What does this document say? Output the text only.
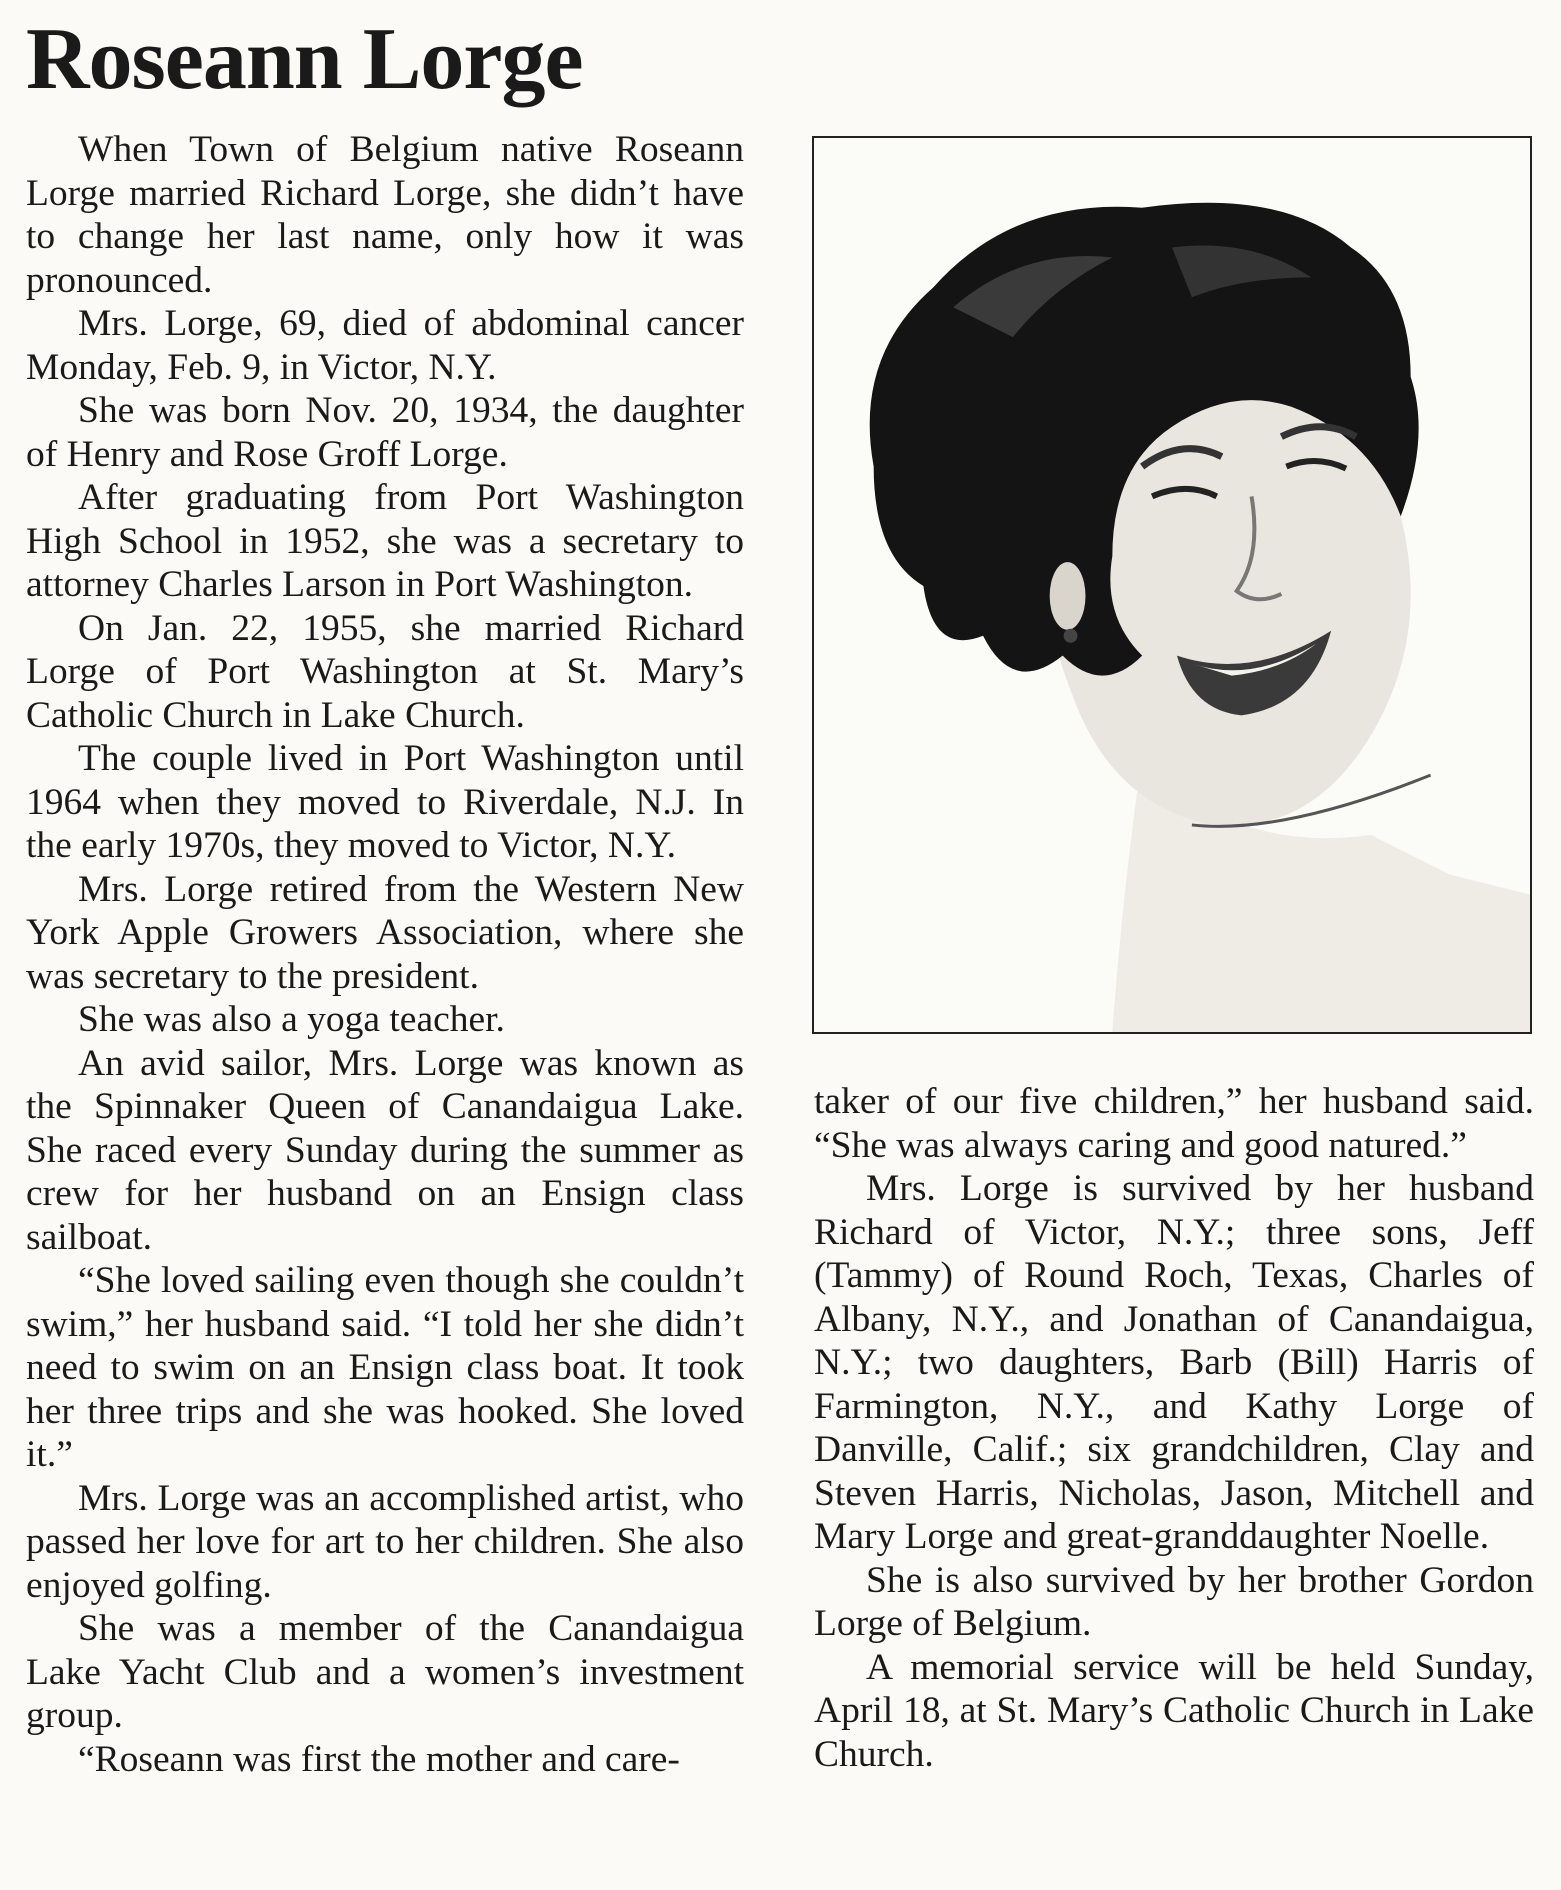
Roseann Lorge

When Town of Belgium native Roseann Lorge married Richard Lorge, she didn’t have to change her last name, only how it was pronounced.

Mrs. Lorge, 69, died of abdominal cancer Monday, Feb. 9, in Victor, N.Y.

She was born Nov. 20, 1934, the daughter of Henry and Rose Groff Lorge.

After graduating from Port Washington High School in 1952, she was a secretary to attorney Charles Larson in Port Washington.

On Jan. 22, 1955, she married Richard Lorge of Port Washington at St. Mary’s Catholic Church in Lake Church.

The couple lived in Port Washington until 1964 when they moved to Riverdale, N.J. In the early 1970s, they moved to Victor, N.Y.

Mrs. Lorge retired from the Western New York Apple Growers Association, where she was secretary to the president.

She was also a yoga teacher.

An avid sailor, Mrs. Lorge was known as the Spinnaker Queen of Canandaigua Lake. She raced every Sunday during the summer as crew for her husband on an Ensign class sailboat.

“She loved sailing even though she couldn’t swim,” her husband said. “I told her she didn’t need to swim on an Ensign class boat. It took her three trips and she was hooked. She loved it.”

Mrs. Lorge was an accomplished artist, who passed her love for art to her children. She also enjoyed golfing.

She was a member of the Canandaigua Lake Yacht Club and a women’s investment group.

“Roseann was first the mother and care-

taker of our five children,” her husband said. “She was always caring and good natured.”

Mrs. Lorge is survived by her husband Richard of Victor, N.Y.; three sons, Jeff (Tammy) of Round Roch, Texas, Charles of Albany, N.Y., and Jonathan of Canandaigua, N.Y.; two daughters, Barb (Bill) Harris of Farmington, N.Y., and Kathy Lorge of Danville, Calif.; six grandchildren, Clay and Steven Harris, Nicholas, Jason, Mitchell and Mary Lorge and great-granddaughter Noelle.

She is also survived by her brother Gordon Lorge of Belgium.

A memorial service will be held Sunday, April 18, at St. Mary’s Catholic Church in Lake Church.
